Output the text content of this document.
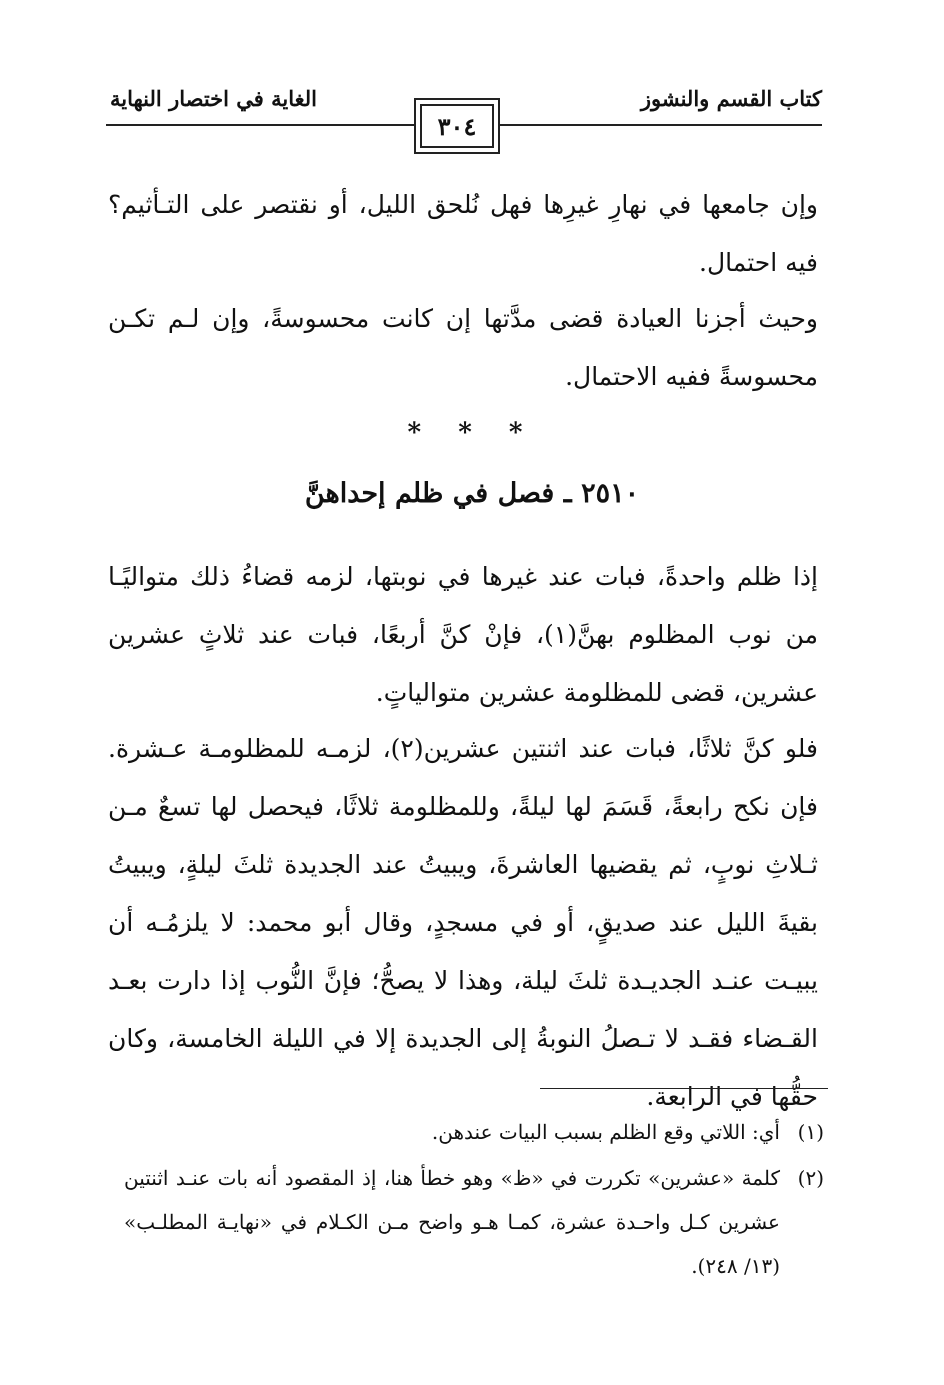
كتاب القسم والنشوز
الغاية في اختصار النهاية
٣٠٤
وإن جامعها في نهارِ غيرِها فهل نُلحق الليل، أو نقتصر على التـأثيم؟ فيه احتمال.
وحيث أجزنا العيادة قضى مدَّتها إن كانت محسوسةً، وإن لـم تكـن محسوسةً ففيه الاحتمال.
* * *
٢٥١٠ ـ فصل في ظلم إحداهنَّ
إذا ظلم واحدةً، فبات عند غيرها في نوبتها، لزمه قضاءُ ذلك متواليًـا من نوب المظلوم بهنَّ(١)، فإنْ كنَّ أربعًا، فبات عند ثلاثٍ عشرين عشرين، قضى للمظلومة عشرين متوالياتٍ.
فلو كنَّ ثلاثًا، فبات عند اثنتين عشرين(٢)، لزمـه للمظلومـة عـشرة. فإن نكح رابعةً، قَسَمَ لها ليلةً، وللمظلومة ثلاثًا، فيحصل لها تسعٌ مـن ثـلاثِ نوبٍ، ثم يقضيها العاشرةَ، ويبيتُ عند الجديدة ثلثَ ليلةٍ، ويبيتُ بقيةَ الليل عند صديقٍ، أو في مسجدٍ، وقال أبو محمد: لا يلزمُـه أن يبيـت عنـد الجديـدة ثلثَ ليلة، وهذا لا يصحُّ؛ فإنَّ النُّوب إذا دارت بعـد القـضاء فقـد لا تـصلُ النوبةُ إلى الجديدة إلا في الليلة الخامسة، وكان حقُّها في الرابعة.
(١)
أي: اللاتي وقع الظلم بسبب البيات عندهن.
(٢)
كلمة «عشرين» تكررت في «ظ» وهو خطأ هنا، إذ المقصود أنه بات عنـد اثنتين عشرين كـل واحـدة عشرة، كمـا هـو واضح مـن الكـلام في «نهايـة المطلـب» (١٣/ ٢٤٨).
